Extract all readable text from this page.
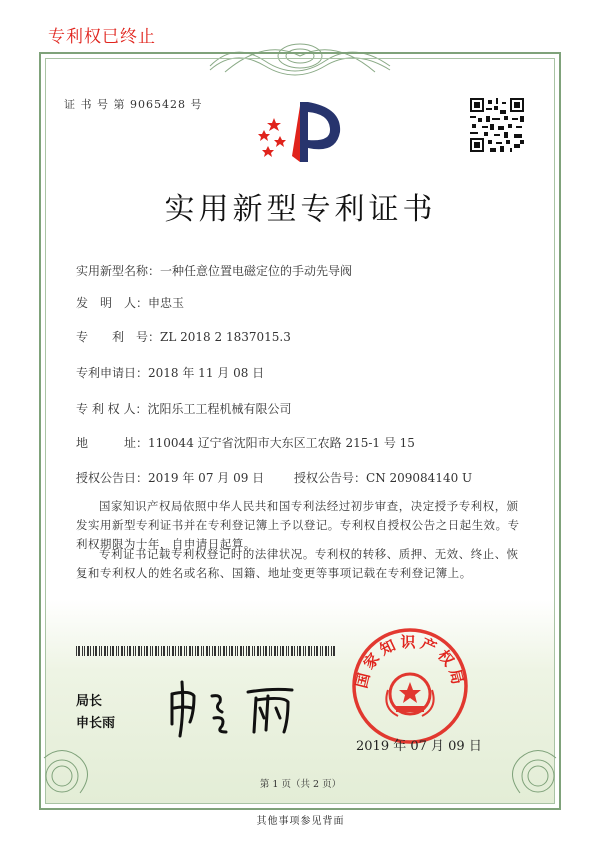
专利权已终止
证 书 号 第 9065428 号
实用新型专利证书
实用新型名称：一种任意位置电磁定位的手动先导阀
发　明　人：申忠玉
专　　利　号：ZL 2018 2 1837015.3
专利申请日：2018 年 11 月 08 日
专 利 权 人：沈阳乐工工程机械有限公司
地　　　址：110044 辽宁省沈阳市大东区工农路 215-1 号 15
授权公告日：2019 年 07 月 09 日 授权公告号：CN 209084140 U
国家知识产权局依照中华人民共和国专利法经过初步审查，决定授予专利权，颁发实用新型专利证书并在专利登记簿上予以登记。专利权自授权公告之日起生效。专利权期限为十年，自申请日起算。
专利证书记载专利权登记时的法律状况。专利权的转移、质押、无效、终止、恢复和专利权人的姓名或名称、国籍、地址变更等事项记载在专利登记簿上。
局长
申长雨
国家知识产权局
2019 年 07 月 09 日
第 1 页（共 2 页）
其他事项参见背面
